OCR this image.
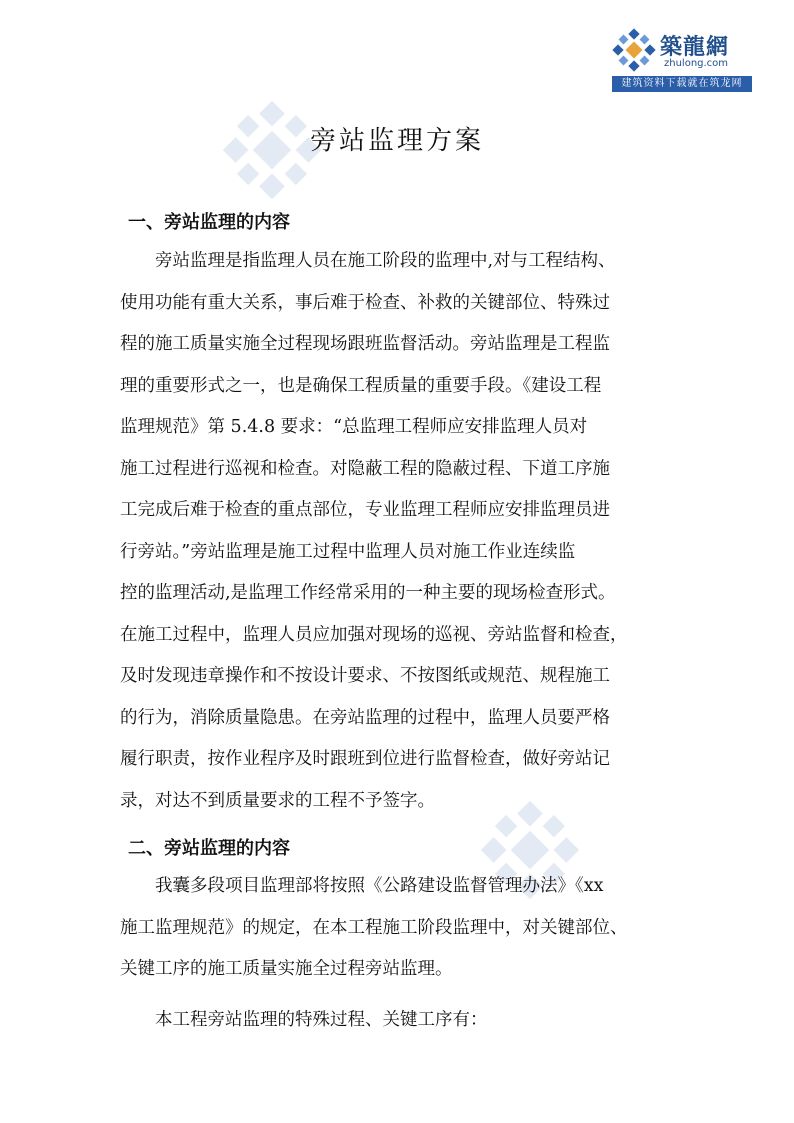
築龍網
zhulong.com
建筑资料下载就在筑龙网
旁站监理方案
一、旁站监理的内容
旁站监理是指监理人员在施工阶段的监理中,对与工程结构、
使用功能有重大关系，事后难于检查、补救的关键部位、特殊过
程的施工质量实施全过程现场跟班监督活动。旁站监理是工程监
理的重要形式之一，也是确保工程质量的重要手段。《建设工程
监理规范》第 5.4.8 要求：“总监理工程师应安排监理人员对
施工过程进行巡视和检查。对隐蔽工程的隐蔽过程、下道工序施
工完成后难于检查的重点部位，专业监理工程师应安排监理员进
行旁站。”旁站监理是施工过程中监理人员对施工作业连续监
控的监理活动,是监理工作经常采用的一种主要的现场检查形式。
在施工过程中，监理人员应加强对现场的巡视、旁站监督和检查，
及时发现违章操作和不按设计要求、不按图纸或规范、规程施工
的行为，消除质量隐患。在旁站监理的过程中，监理人员要严格
履行职责，按作业程序及时跟班到位进行监督检查，做好旁站记
录，对达不到质量要求的工程不予签字。
二、旁站监理的内容
我囊多段项目监理部将按照《公路建设监督管理办法》《xx
施工监理规范》的规定，在本工程施工阶段监理中，对关键部位、
关键工序的施工质量实施全过程旁站监理。
本工程旁站监理的特殊过程、关键工序有：
